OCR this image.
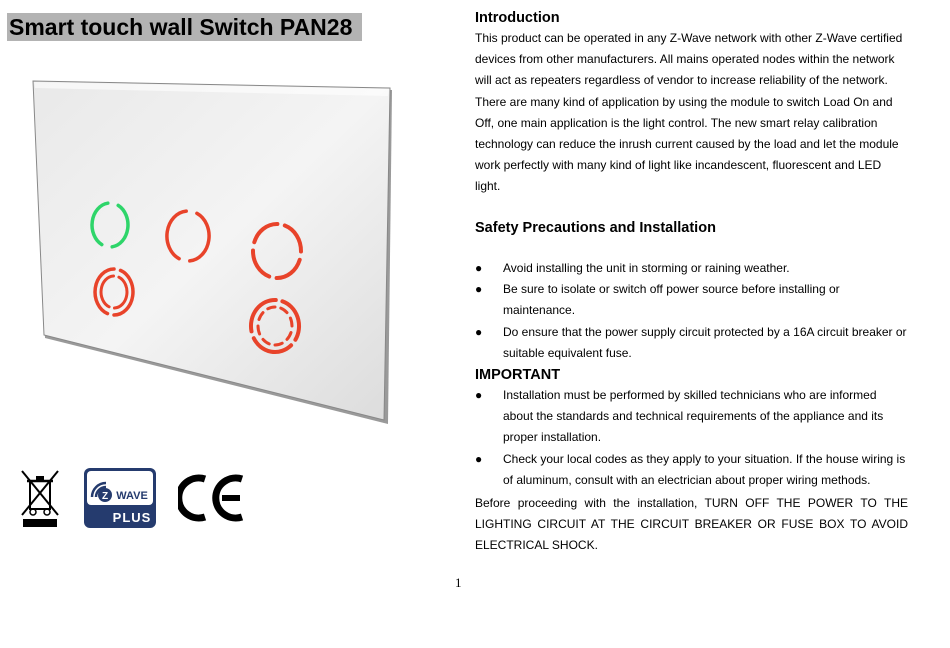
Smart touch wall Switch PAN28
Z WAVE
PLUS
Introduction

This product can be operated in any Z-Wave network with other Z-Wave certified devices from other manufacturers. All mains operated nodes within the network will act as repeaters regardless of vendor to increase reliability of the network.

There are many kind of application by using the module to switch Load On and Off, one main application is the light control. The new smart relay calibration technology can reduce the inrush current caused by the load and let the module work perfectly with many kind of light like incandescent, fluorescent and LED light.

Safety Precautions and Installation
● Avoid installing the unit in storming or raining weather.
● Be sure to isolate or switch off power source before installing or maintenance.
● Do ensure that the power supply circuit protected by a 16A circuit breaker or suitable equivalent fuse.
IMPORTANT
● Installation must be performed by skilled technicians who are informed about the standards and technical requirements of the appliance and its proper installation.
● Check your local codes as they apply to your situation. If the house wiring is of aluminum, consult with an electrician about proper wiring methods.

Before proceeding with the installation, TURN OFF THE POWER TO THE LIGHTING CIRCUIT AT THE CIRCUIT BREAKER OR FUSE BOX TO AVOID ELECTRICAL SHOCK.

1
